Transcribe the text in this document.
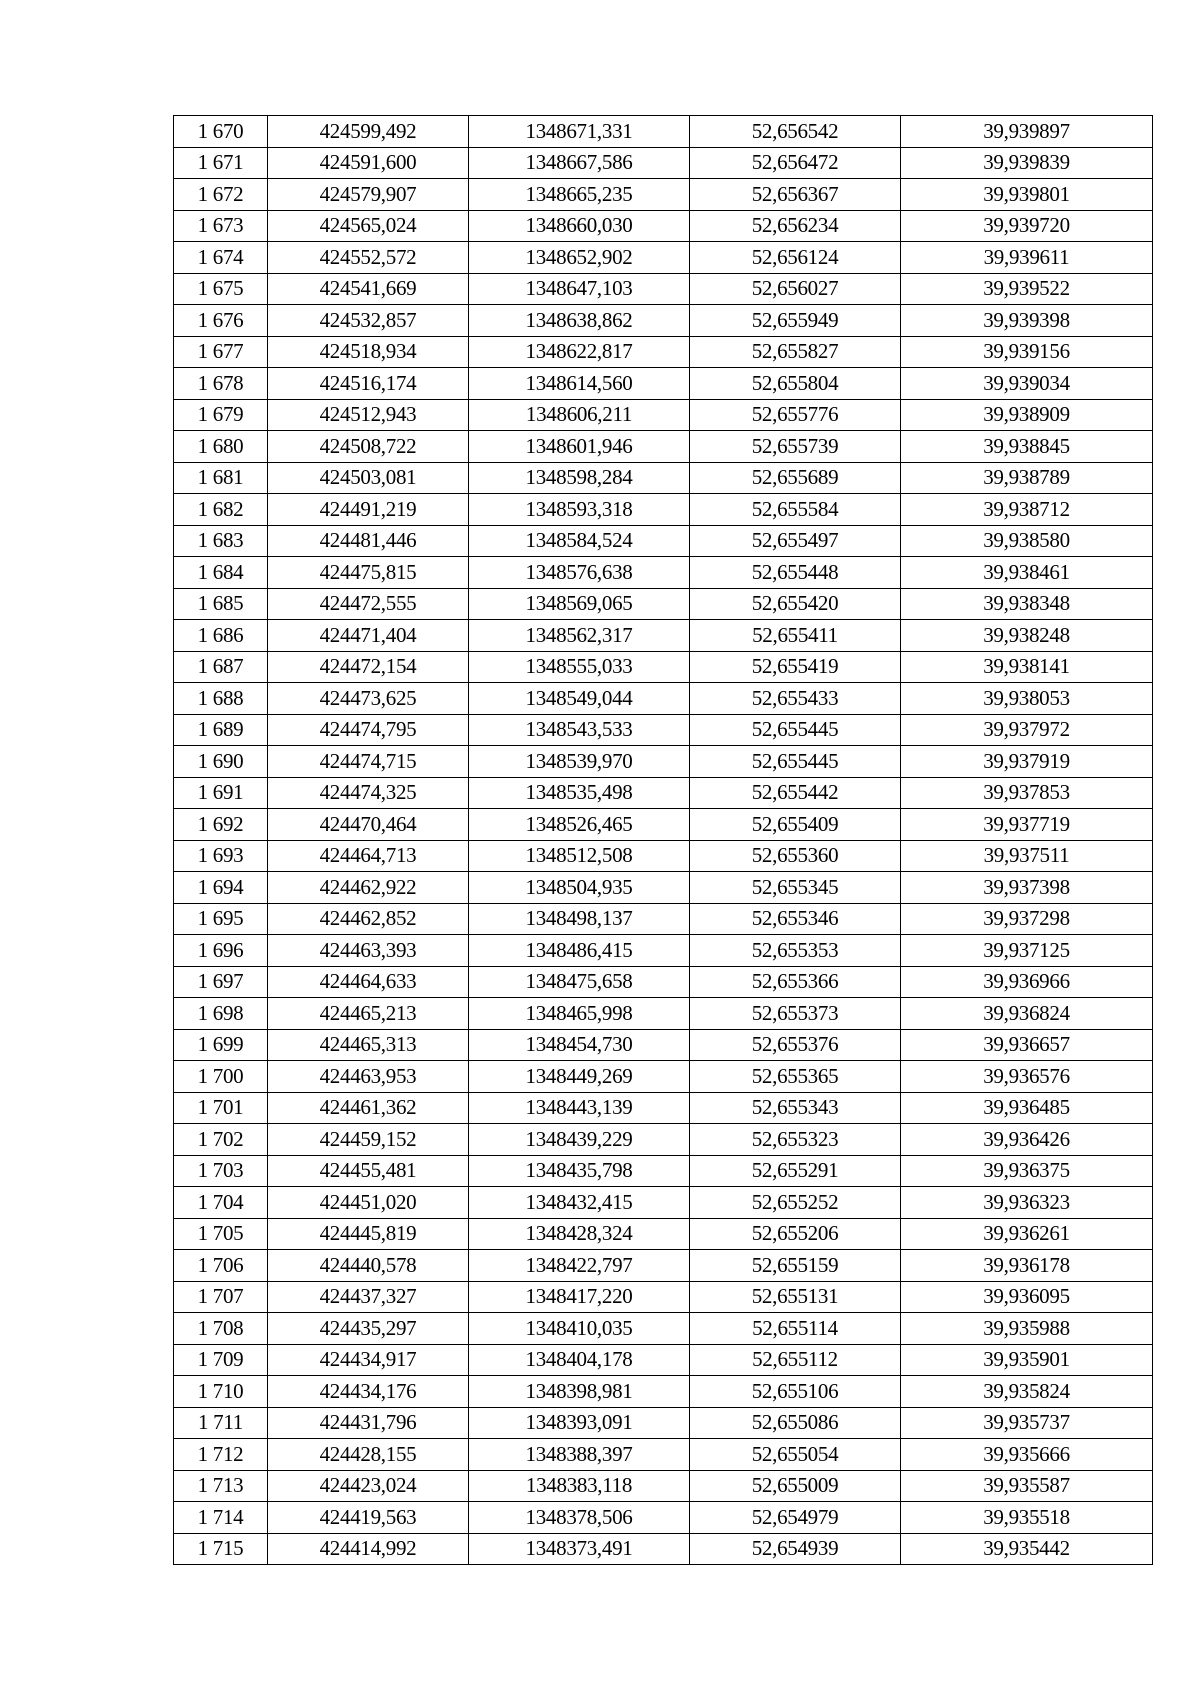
1 670	424599,492	1348671,331	52,656542	39,939897
1 671	424591,600	1348667,586	52,656472	39,939839
1 672	424579,907	1348665,235	52,656367	39,939801
1 673	424565,024	1348660,030	52,656234	39,939720
1 674	424552,572	1348652,902	52,656124	39,939611
1 675	424541,669	1348647,103	52,656027	39,939522
1 676	424532,857	1348638,862	52,655949	39,939398
1 677	424518,934	1348622,817	52,655827	39,939156
1 678	424516,174	1348614,560	52,655804	39,939034
1 679	424512,943	1348606,211	52,655776	39,938909
1 680	424508,722	1348601,946	52,655739	39,938845
1 681	424503,081	1348598,284	52,655689	39,938789
1 682	424491,219	1348593,318	52,655584	39,938712
1 683	424481,446	1348584,524	52,655497	39,938580
1 684	424475,815	1348576,638	52,655448	39,938461
1 685	424472,555	1348569,065	52,655420	39,938348
1 686	424471,404	1348562,317	52,655411	39,938248
1 687	424472,154	1348555,033	52,655419	39,938141
1 688	424473,625	1348549,044	52,655433	39,938053
1 689	424474,795	1348543,533	52,655445	39,937972
1 690	424474,715	1348539,970	52,655445	39,937919
1 691	424474,325	1348535,498	52,655442	39,937853
1 692	424470,464	1348526,465	52,655409	39,937719
1 693	424464,713	1348512,508	52,655360	39,937511
1 694	424462,922	1348504,935	52,655345	39,937398
1 695	424462,852	1348498,137	52,655346	39,937298
1 696	424463,393	1348486,415	52,655353	39,937125
1 697	424464,633	1348475,658	52,655366	39,936966
1 698	424465,213	1348465,998	52,655373	39,936824
1 699	424465,313	1348454,730	52,655376	39,936657
1 700	424463,953	1348449,269	52,655365	39,936576
1 701	424461,362	1348443,139	52,655343	39,936485
1 702	424459,152	1348439,229	52,655323	39,936426
1 703	424455,481	1348435,798	52,655291	39,936375
1 704	424451,020	1348432,415	52,655252	39,936323
1 705	424445,819	1348428,324	52,655206	39,936261
1 706	424440,578	1348422,797	52,655159	39,936178
1 707	424437,327	1348417,220	52,655131	39,936095
1 708	424435,297	1348410,035	52,655114	39,935988
1 709	424434,917	1348404,178	52,655112	39,935901
1 710	424434,176	1348398,981	52,655106	39,935824
1 711	424431,796	1348393,091	52,655086	39,935737
1 712	424428,155	1348388,397	52,655054	39,935666
1 713	424423,024	1348383,118	52,655009	39,935587
1 714	424419,563	1348378,506	52,654979	39,935518
1 715	424414,992	1348373,491	52,654939	39,935442
